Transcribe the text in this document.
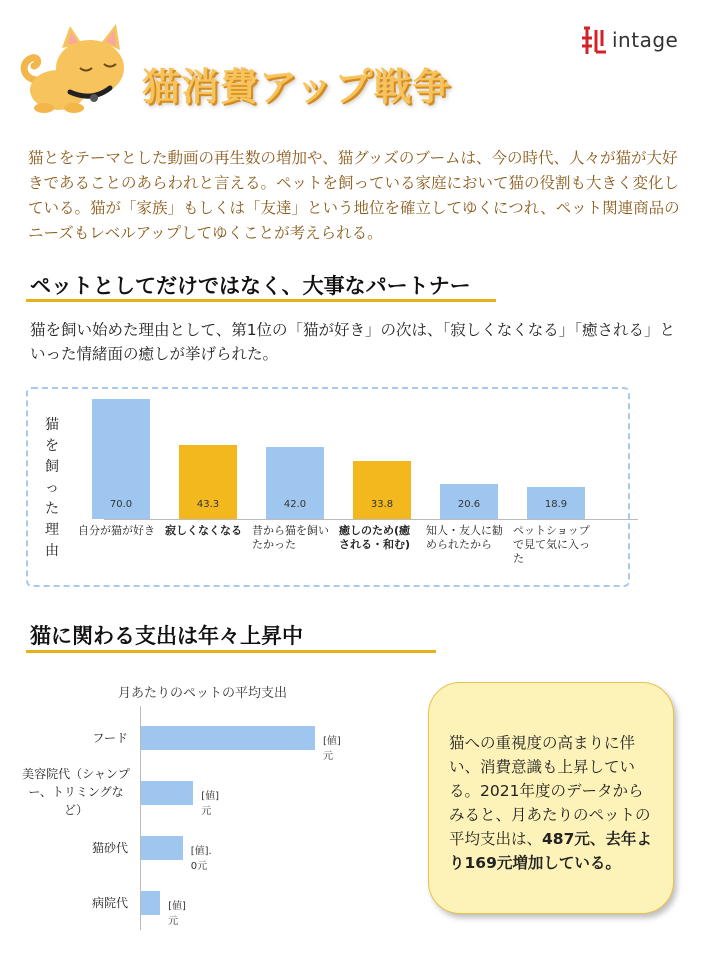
猫消費アップ戦争
intage
猫とをテーマとした動画の再生数の増加や、猫グッズのブームは、今の時代、人々が猫が大好きであることのあらわれと言える。ペットを飼っている家庭において猫の役割も大きく変化している。猫が「家族」もしくは「友達」という地位を確立してゆくにつれ、ペット関連商品のニーズもレベルアップしてゆくことが考えられる。
ペットとしてだけではなく、大事なパートナー
猫を飼い始めた理由として、第1位の「猫が好き」の次は、「寂しくなくなる」「癒される」といった情緒面の癒しが挙げられた。
猫を飼った理由
70.0
自分が猫が好き
43.3
寂しくなくなる
42.0
昔から猫を飼いたかった
33.8
癒しのため(癒される・和む)
20.6
知人・友人に勧められたから
18.9
ペットショップで見て気に入った
猫に関わる支出は年々上昇中
月あたりのペットの平均支出
[値]元
フード
[値]元
美容院代（シャンプー、トリミングなど）
[値]. 0元
猫砂代
[値]元
病院代
猫への重視度の高まりに伴い、消費意識も上昇している。2021年度のデータからみると、月あたりのペットの平均支出は、487元、去年より169元増加している。
